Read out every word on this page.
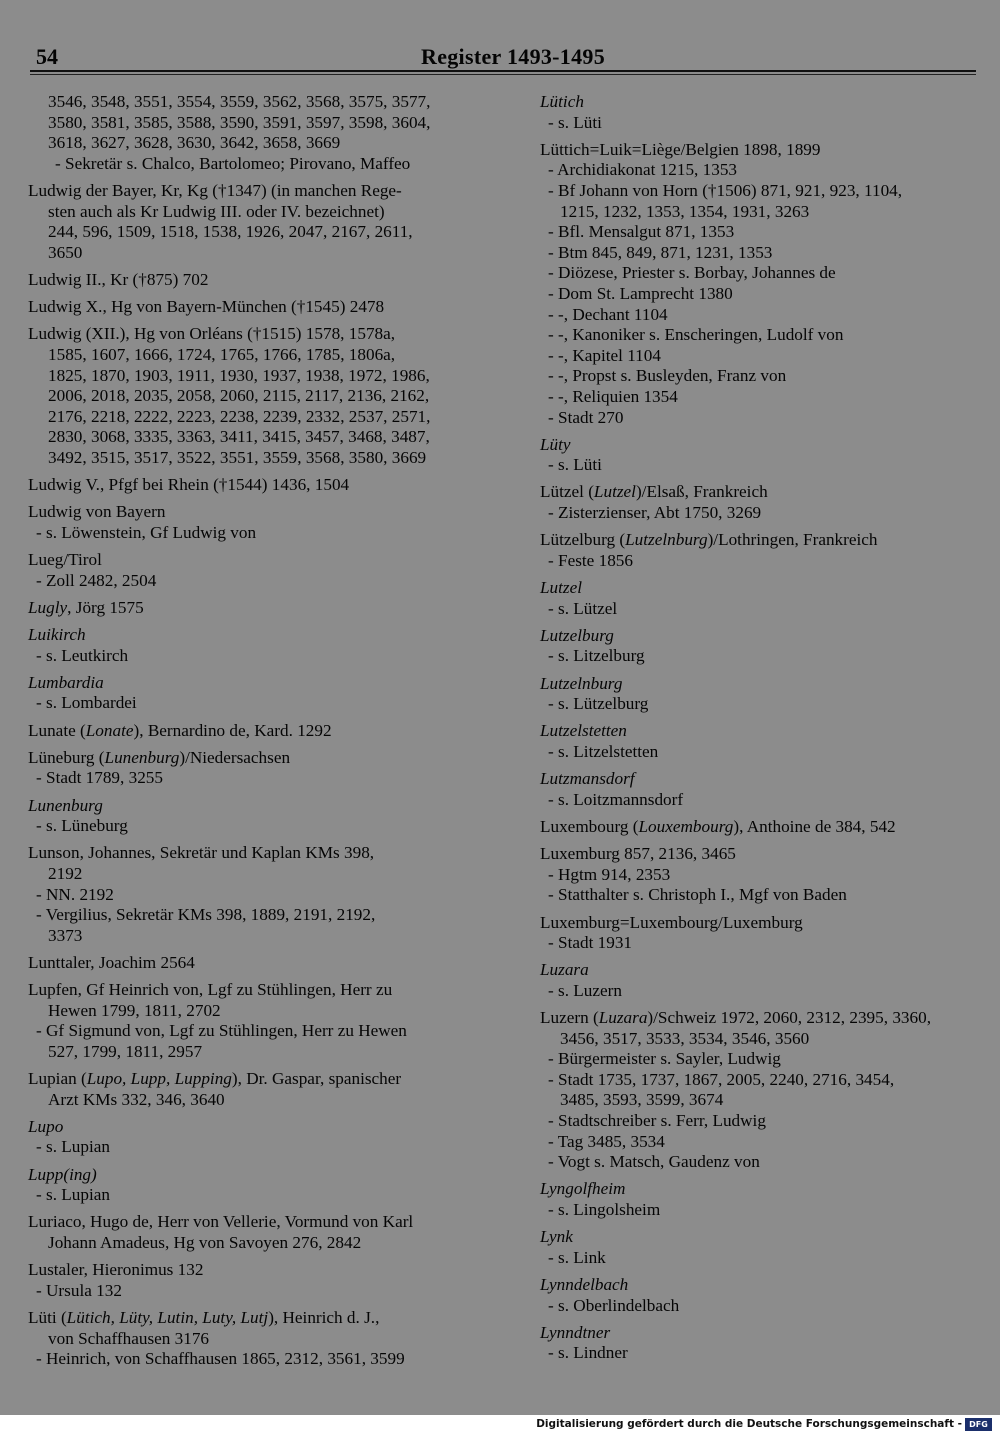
54	Register 1493-1495
3546, 3548, 3551, 3554, 3559, 3562, 3568, 3575, 3577,
3580, 3581, 3585, 3588, 3590, 3591, 3597, 3598, 3604,
3618, 3627, 3628, 3630, 3642, 3658, 3669
- Sekretär s. Chalco, Bartolomeo; Pirovano, Maffeo
Ludwig der Bayer, Kr, Kg (†1347) (in manchen Rege-
sten auch als Kr Ludwig III. oder IV. bezeichnet)
244, 596, 1509, 1518, 1538, 1926, 2047, 2167, 2611,
3650
Ludwig II., Kr (†875) 702
Ludwig X., Hg von Bayern-München (†1545) 2478
Ludwig (XII.), Hg von Orléans (†1515) 1578, 1578a,
1585, 1607, 1666, 1724, 1765, 1766, 1785, 1806a,
1825, 1870, 1903, 1911, 1930, 1937, 1938, 1972, 1986,
2006, 2018, 2035, 2058, 2060, 2115, 2117, 2136, 2162,
2176, 2218, 2222, 2223, 2238, 2239, 2332, 2537, 2571,
2830, 3068, 3335, 3363, 3411, 3415, 3457, 3468, 3487,
3492, 3515, 3517, 3522, 3551, 3559, 3568, 3580, 3669
Ludwig V., Pfgf bei Rhein (†1544) 1436, 1504
Ludwig von Bayern
- s. Löwenstein, Gf Ludwig von
Lueg/Tirol
- Zoll 2482, 2504
Lugly, Jörg 1575
Luikirch
- s. Leutkirch
Lumbardia
- s. Lombardei
Lunate (Lonate), Bernardino de, Kard. 1292
Lüneburg (Lunenburg)/Niedersachsen
- Stadt 1789, 3255
Lunenburg
- s. Lüneburg
Lunson, Johannes, Sekretär und Kaplan KMs 398,
2192
- NN. 2192
- Vergilius, Sekretär KMs 398, 1889, 2191, 2192,
3373
Lunttaler, Joachim 2564
Lupfen, Gf Heinrich von, Lgf zu Stühlingen, Herr zu
Hewen 1799, 1811, 2702
- Gf Sigmund von, Lgf zu Stühlingen, Herr zu Hewen
527, 1799, 1811, 2957
Lupian (Lupo, Lupp, Lupping), Dr. Gaspar, spanischer
Arzt KMs 332, 346, 3640
Lupo
- s. Lupian
Lupp(ing)
- s. Lupian
Luriaco, Hugo de, Herr von Vellerie, Vormund von Karl
Johann Amadeus, Hg von Savoyen 276, 2842
Lustaler, Hieronimus 132
- Ursula 132
Lüti (Lütich, Lüty, Lutin, Luty, Lutj), Heinrich d. J.,
von Schaffhausen 3176
- Heinrich, von Schaffhausen 1865, 2312, 3561, 3599
Lütich
- s. Lüti
Lüttich=Luik=Liège/Belgien 1898, 1899
- Archidiakonat 1215, 1353
- Bf Johann von Horn (†1506) 871, 921, 923, 1104,
1215, 1232, 1353, 1354, 1931, 3263
- Bfl. Mensalgut 871, 1353
- Btm 845, 849, 871, 1231, 1353
- Diözese, Priester s. Borbay, Johannes de
- Dom St. Lamprecht 1380
- -, Dechant 1104
- -, Kanoniker s. Enscheringen, Ludolf von
- -, Kapitel 1104
- -, Propst s. Busleyden, Franz von
- -, Reliquien 1354
- Stadt 270
Lüty
- s. Lüti
Lützel (Lutzel)/Elsaß, Frankreich
- Zisterzienser, Abt 1750, 3269
Lützelburg (Lutzelnburg)/Lothringen, Frankreich
- Feste 1856
Lutzel
- s. Lützel
Lutzelburg
- s. Litzelburg
Lutzelnburg
- s. Lützelburg
Lutzelstetten
- s. Litzelstetten
Lutzmansdorf
- s. Loitzmannsdorf
Luxembourg (Louxembourg), Anthoine de 384, 542
Luxemburg 857, 2136, 3465
- Hgtm 914, 2353
- Statthalter s. Christoph I., Mgf von Baden
Luxemburg=Luxembourg/Luxemburg
- Stadt 1931
Luzara
- s. Luzern
Luzern (Luzara)/Schweiz 1972, 2060, 2312, 2395, 3360,
3456, 3517, 3533, 3534, 3546, 3560
- Bürgermeister s. Sayler, Ludwig
- Stadt 1735, 1737, 1867, 2005, 2240, 2716, 3454,
3485, 3593, 3599, 3674
- Stadtschreiber s. Ferr, Ludwig
- Tag 3485, 3534
- Vogt s. Matsch, Gaudenz von
Lyngolfheim
- s. Lingolsheim
Lynk
- s. Link
Lynndelbach
- s. Oberlindelbach
Lynndtner
- s. Lindner
Digitalisierung gefördert durch die Deutsche Forschungsgemeinschaft - DFG
